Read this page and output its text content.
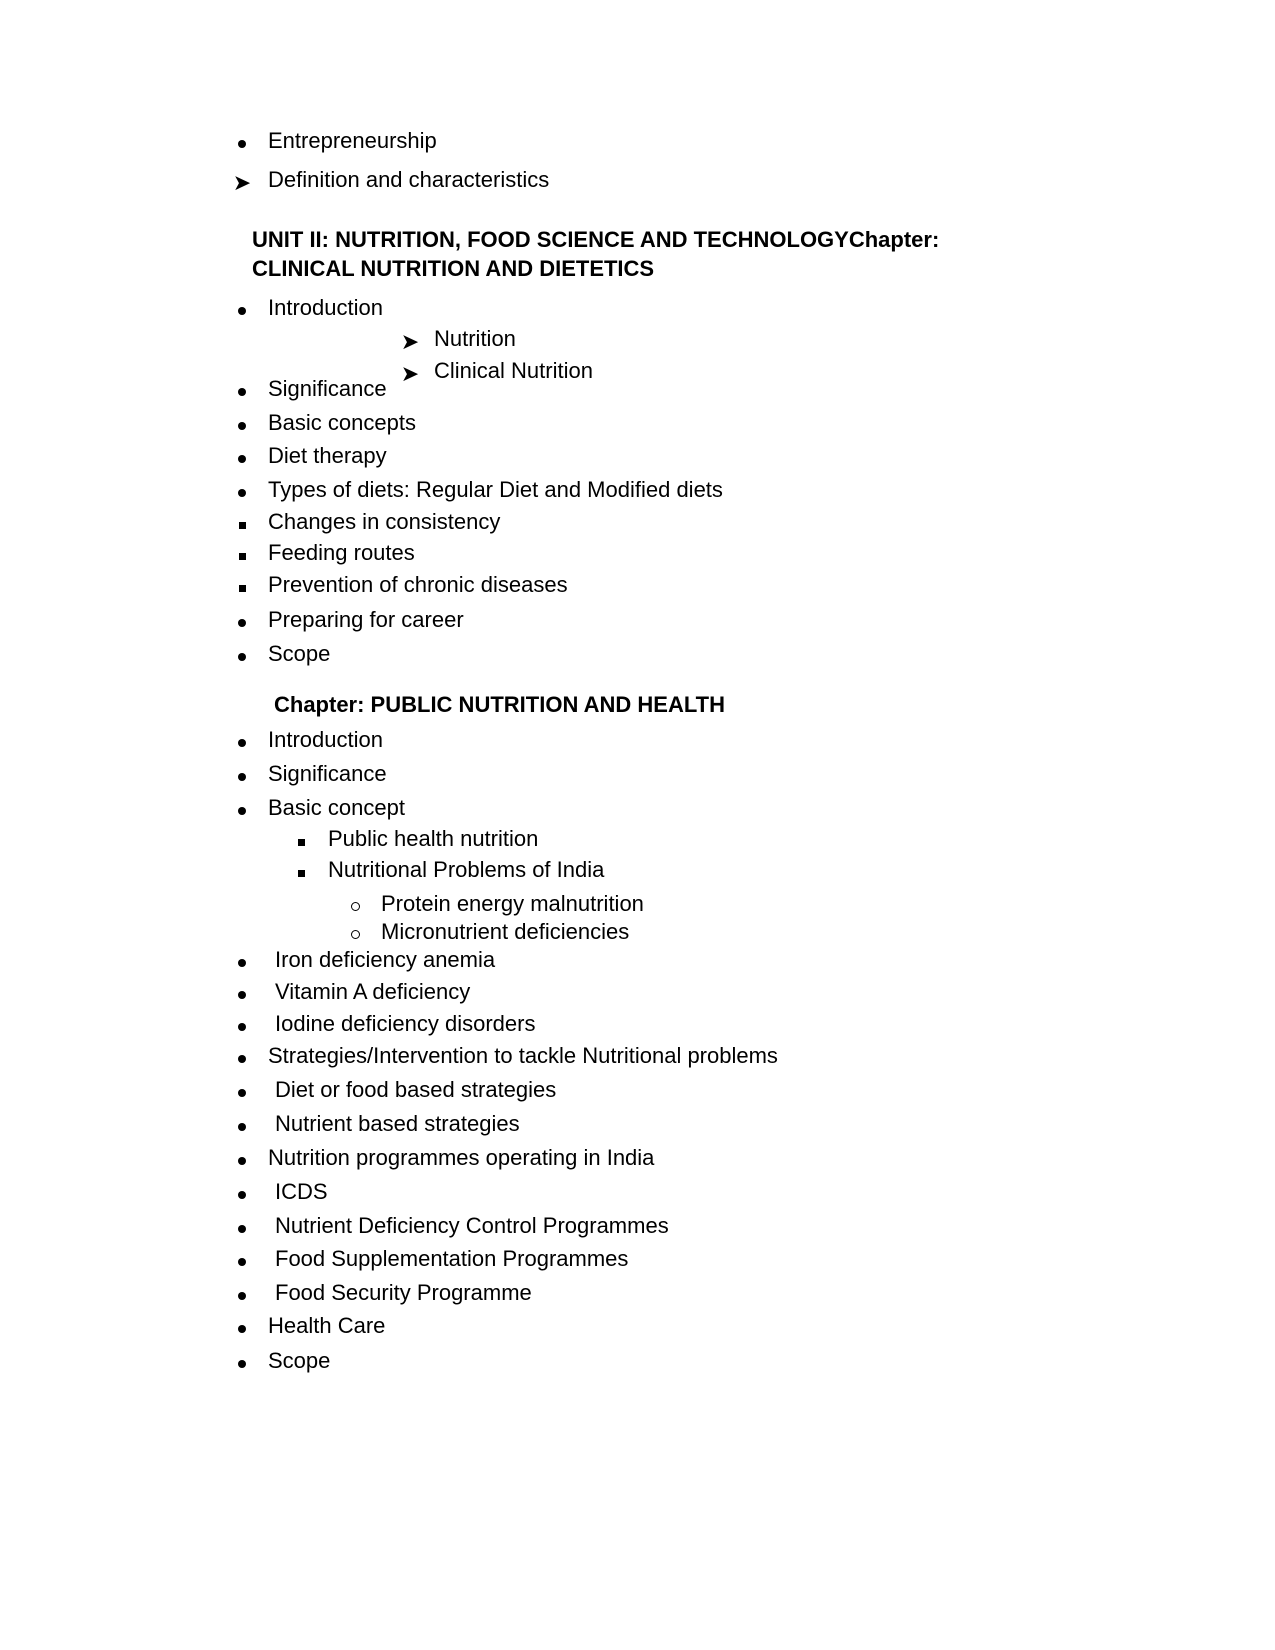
Entrepreneurship
➤ Definition and characteristics
UNIT II: NUTRITION, FOOD SCIENCE AND TECHNOLOGYChapter:
CLINICAL NUTRITION AND DIETETICS
Introduction
➤ Nutrition
➤ Clinical Nutrition
Significance
Basic concepts
Diet therapy
Types of diets: Regular Diet and Modified diets
Changes in consistency
Feeding routes
Prevention of chronic diseases
Preparing for career
Scope
Chapter: PUBLIC NUTRITION AND HEALTH
Introduction
Significance
Basic concept
Public health nutrition
Nutritional Problems of India
Protein energy malnutrition
Micronutrient deficiencies
Iron deficiency anemia
Vitamin A deficiency
Iodine deficiency disorders
Strategies/Intervention to tackle Nutritional problems
Diet or food based strategies
Nutrient based strategies
Nutrition programmes operating in India
ICDS
Nutrient Deficiency Control Programmes
Food Supplementation Programmes
Food Security Programme
Health Care
Scope
